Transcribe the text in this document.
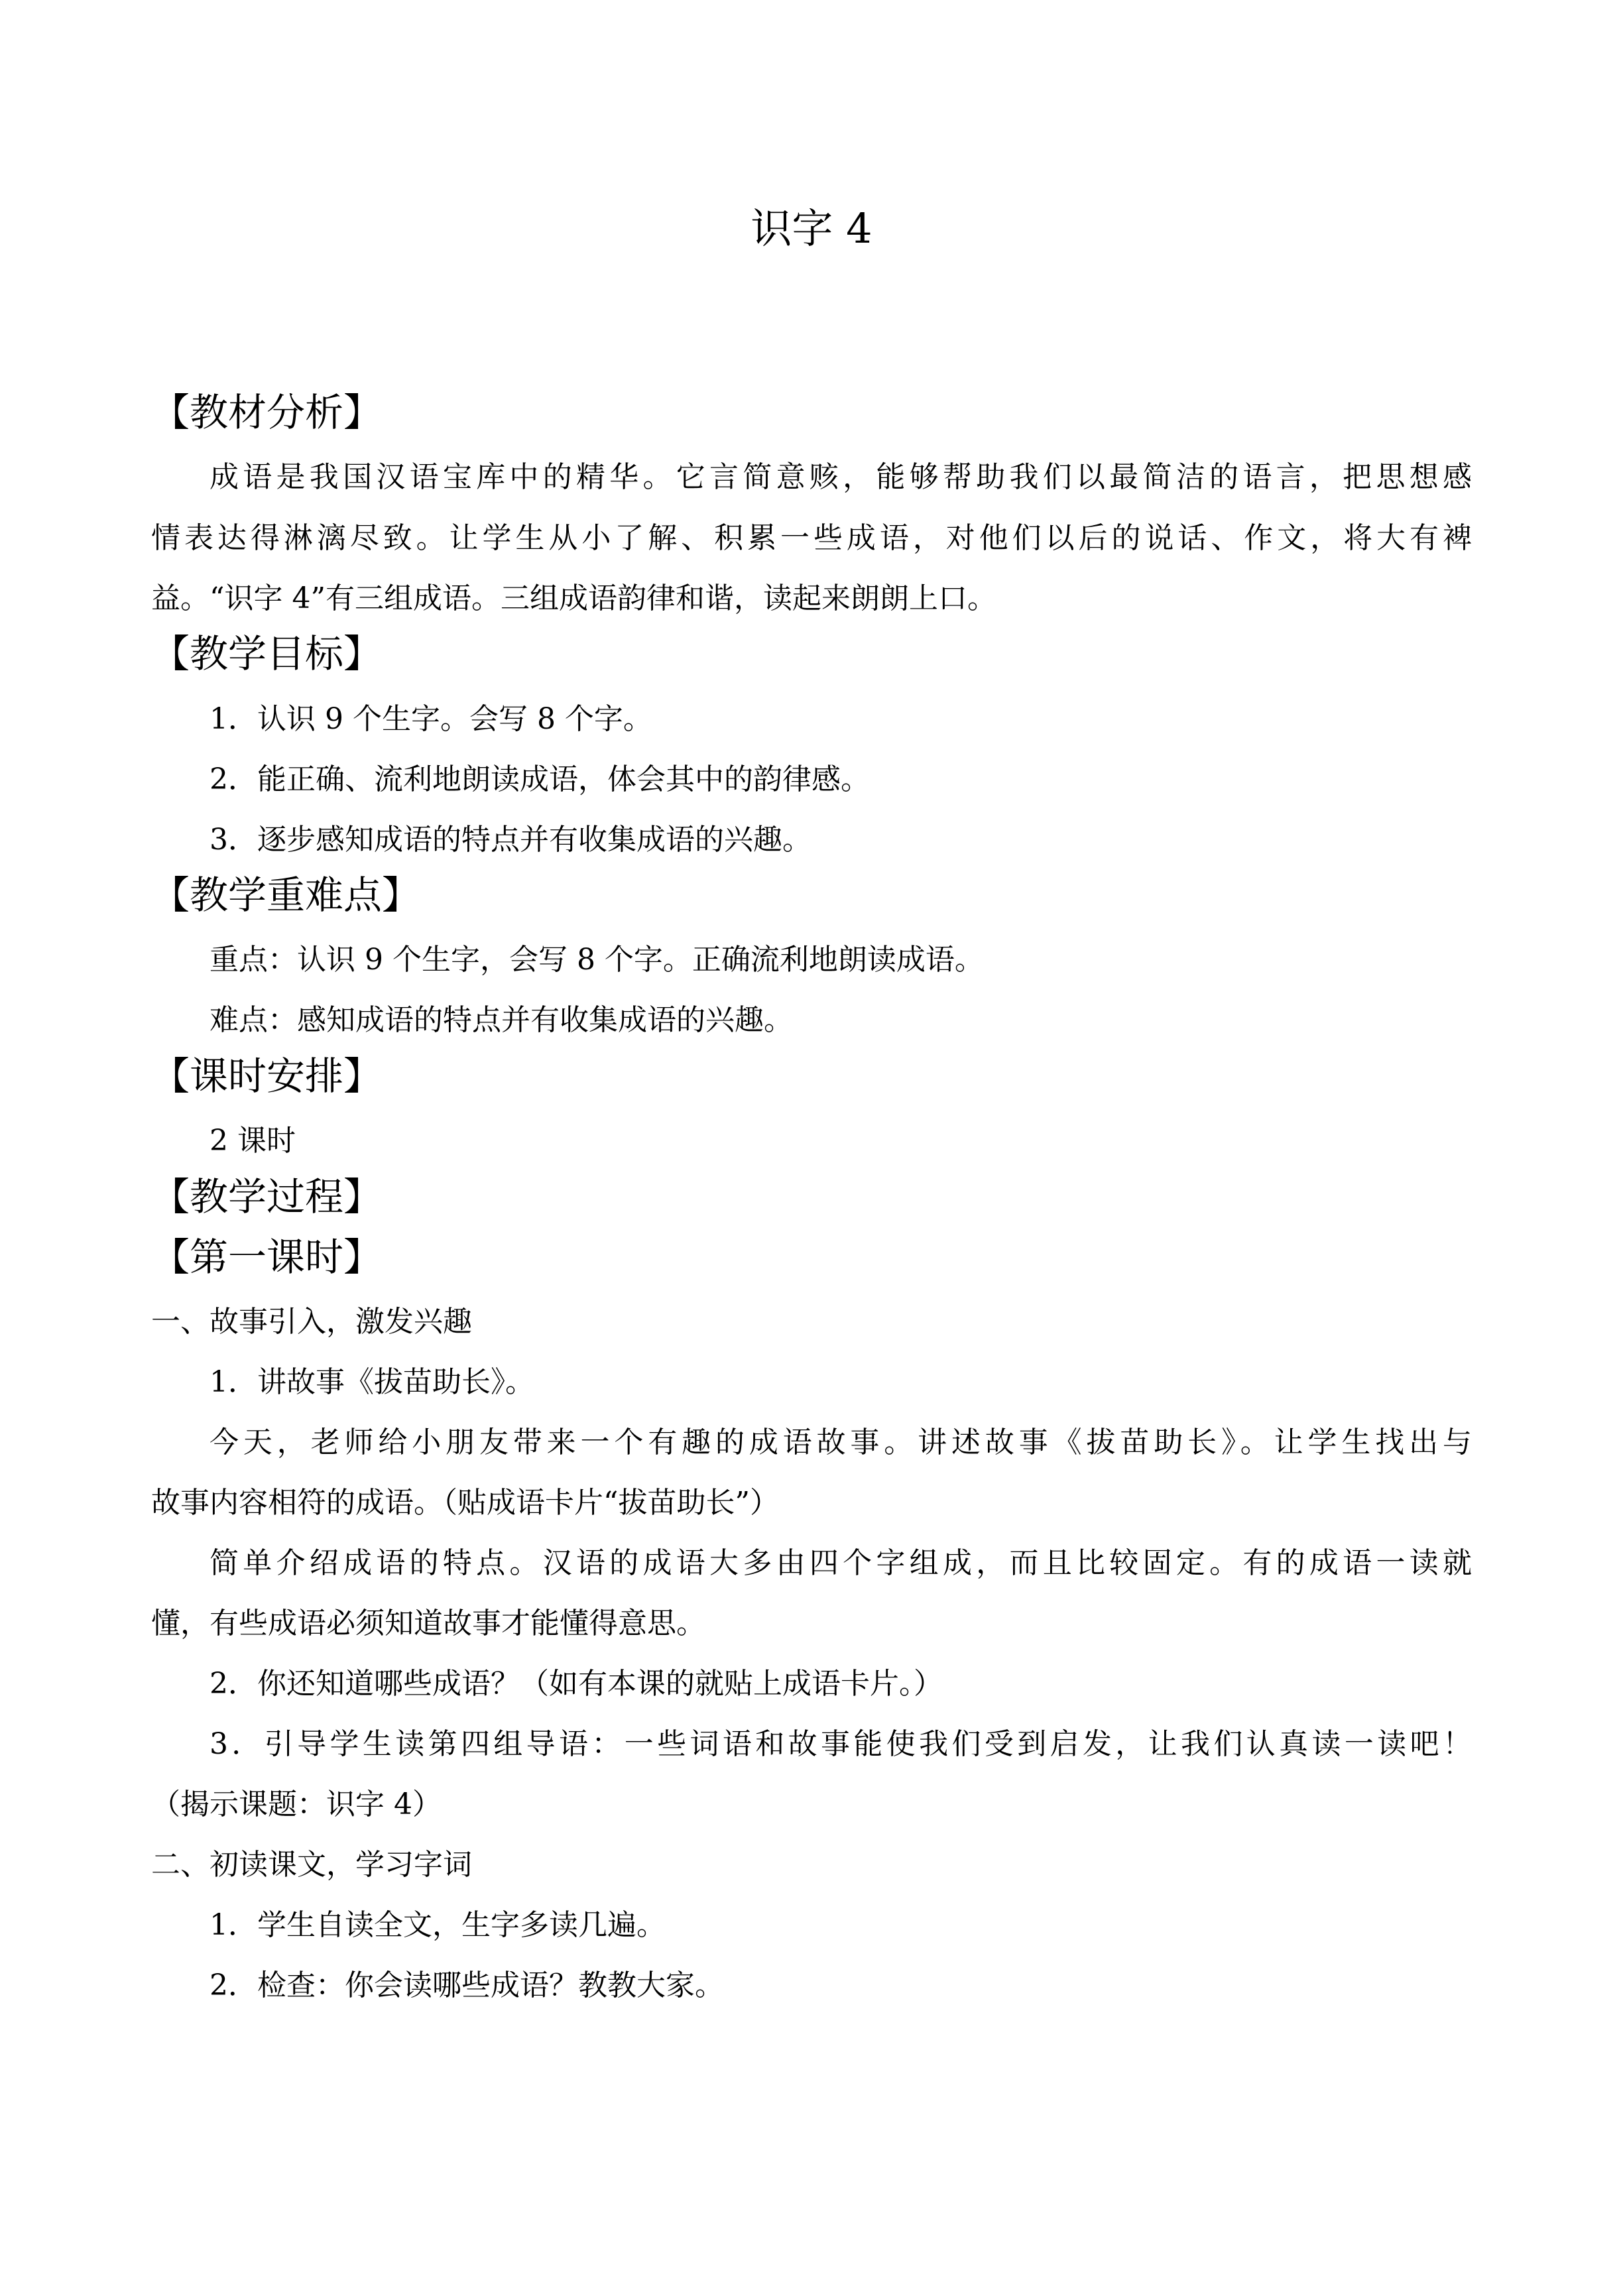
识字 4
【教材分析】
成语是我国汉语宝库中的精华。它言简意赅，能够帮助我们以最简洁的语言，把思想感
情表达得淋漓尽致。让学生从小了解、积累一些成语，对他们以后的说话、作文，将大有裨
益。“识字 4”有三组成语。三组成语韵律和谐，读起来朗朗上口。
【教学目标】
1．认识 9 个生字。会写 8 个字。
2．能正确、流利地朗读成语，体会其中的韵律感。
3．逐步感知成语的特点并有收集成语的兴趣。
【教学重难点】
重点：认识 9 个生字，会写 8 个字。正确流利地朗读成语。
难点：感知成语的特点并有收集成语的兴趣。
【课时安排】
2 课时
【教学过程】
【第一课时】
一、故事引入，激发兴趣
1．讲故事《拔苗助长》。
今天，老师给小朋友带来一个有趣的成语故事。讲述故事《拔苗助长》。让学生找出与
故事内容相符的成语。（贴成语卡片“拔苗助长”）
简单介绍成语的特点。汉语的成语大多由四个字组成，而且比较固定。有的成语一读就
懂，有些成语必须知道故事才能懂得意思。
2．你还知道哪些成语？（如有本课的就贴上成语卡片。）
3．引导学生读第四组导语：一些词语和故事能使我们受到启发，让我们认真读一读吧！
（揭示课题：识字 4）
二、初读课文，学习字词
1．学生自读全文，生字多读几遍。
2．检查：你会读哪些成语？教教大家。
